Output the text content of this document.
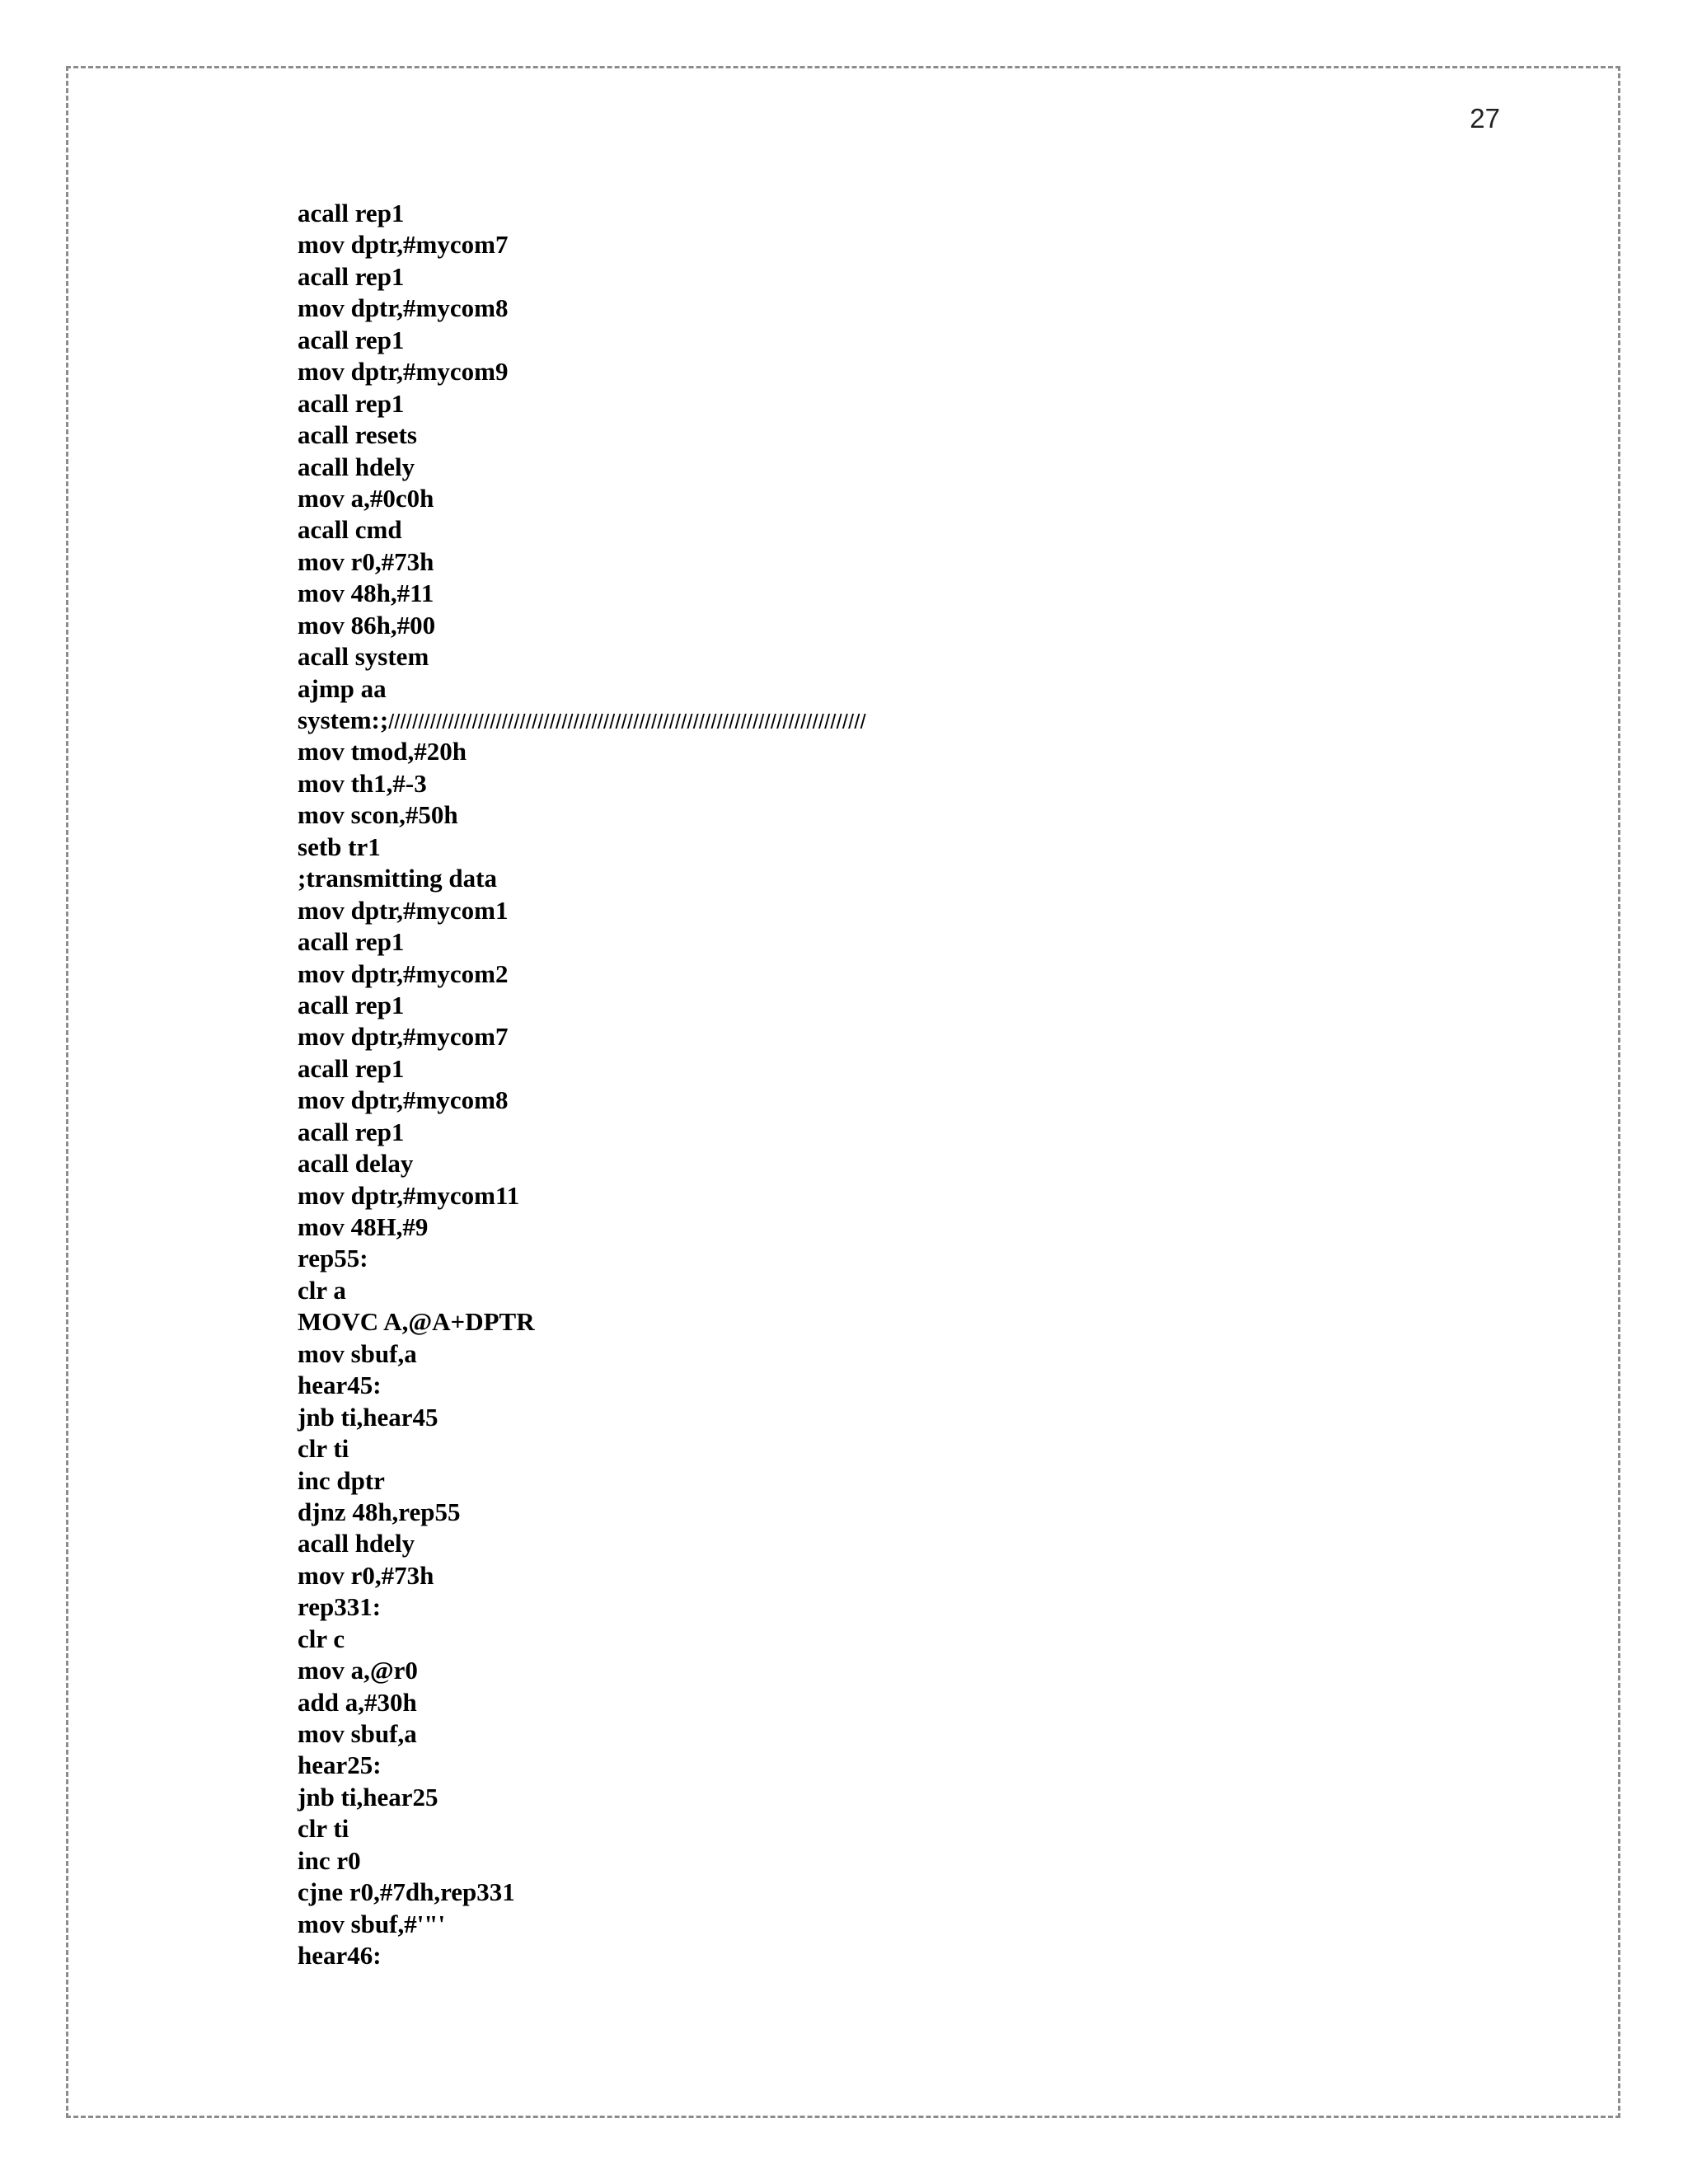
27
acall rep1
mov dptr,#mycom7
acall rep1
mov dptr,#mycom8
acall rep1
mov dptr,#mycom9
acall rep1
acall resets
acall hdely
mov a,#0c0h
acall cmd
mov r0,#73h
mov 48h,#11
mov 86h,#00
acall system
ajmp aa
system:;////////////////////////////////////////////////////////////////////////////////
mov tmod,#20h
mov th1,#-3
mov scon,#50h
setb tr1
;transmitting data
mov dptr,#mycom1
acall rep1
mov dptr,#mycom2
acall rep1
mov dptr,#mycom7
acall rep1
mov dptr,#mycom8
acall rep1
acall delay
mov dptr,#mycom11
mov 48H,#9
rep55:
clr a
MOVC A,@A+DPTR
mov sbuf,a
hear45:
jnb ti,hear45
clr ti
inc dptr
djnz 48h,rep55
acall hdely
mov r0,#73h
rep331:
clr c
mov a,@r0
add a,#30h
mov sbuf,a
hear25:
jnb ti,hear25
clr ti
inc r0
cjne r0,#7dh,rep331
mov sbuf,#'"'
hear46:
